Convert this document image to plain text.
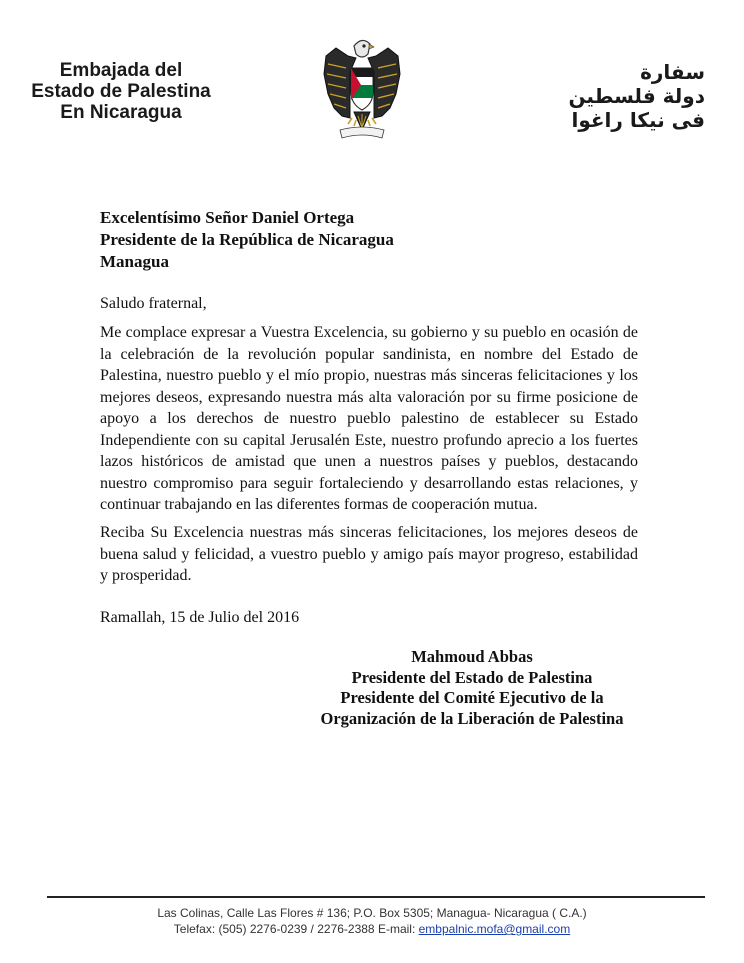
Embajada del
Estado de Palestina
En Nicaragua
سفارة
دولة فلسطين
فى نيكا راغوا
Excelentísimo Señor Daniel Ortega
Presidente de la República de Nicaragua
Managua
Saludo fraternal,
Me complace expresar a Vuestra Excelencia, su gobierno y su pueblo en ocasión de la celebración de la revolución popular sandinista, en nombre del Estado de Palestina, nuestro pueblo y el mío propio, nuestras más sinceras felicitaciones y los mejores deseos, expresando nuestra más alta valoración por su firme posicione de apoyo a los derechos de nuestro pueblo palestino de establecer su Estado Independiente con su capital Jerusalén Este, nuestro profundo aprecio a los fuertes lazos históricos de amistad que unen a nuestros países y pueblos, destacando nuestro compromiso para seguir fortaleciendo y desarrollando estas relaciones, y continuar trabajando en las diferentes formas de cooperación mutua.
Reciba Su Excelencia nuestras más sinceras felicitaciones, los mejores deseos de buena salud y felicidad, a vuestro pueblo y amigo país mayor progreso, estabilidad y prosperidad.
Ramallah, 15 de Julio del 2016
Mahmoud Abbas
Presidente del Estado de Palestina
Presidente del Comité Ejecutivo de la
Organización de la Liberación de Palestina
Las Colinas, Calle Las Flores # 136; P.O. Box 5305; Managua- Nicaragua ( C.A.)
Telefax: (505) 2276-0239 / 2276-2388 E-mail: embpalnic.mofa@gmail.com
